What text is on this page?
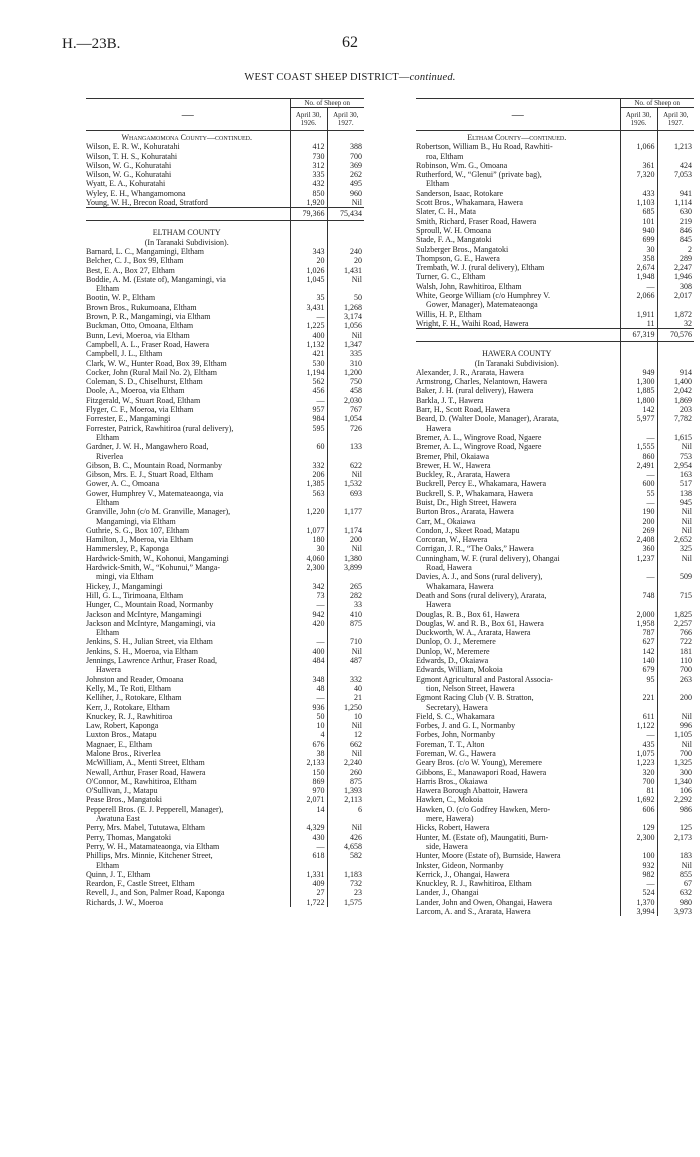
H.—23B.	62
WEST COAST SHEEP DISTRICT—continued.
—	No. of Sheep on	
	April 30, 1926.	April 30, 1927.
Whangamomona County—continued.		
Wilson, E. R. W., Kohuratahi	412	388
Wilson, T. H. S., Kohuratahi	730	700
Wilson, W. G., Kohuratahi	312	369
Wilson, W. G., Kohuratahi	335	262
Wyatt, E. A., Kohuratahi	432	495
Wyley, E. H., Whangamomona	850	960
Young, W. H., Brecon Road, Stratford	1,920	Nil
	79,366	75,434

ELTHAM COUNTY		
(In Taranaki Subdivision).		
Barnard, L. C., Mangamingi, Eltham	343	240
Belcher, C. J., Box 99, Eltham	20	20
Best, E. A., Box 27, Eltham	1,026	1,431
Boddie, A. M. (Estate of), Mangamingi, via	1,045	Nil
Eltham		
Bootin, W. P., Eltham	35	50
Brown Bros., Rukumoana, Eltham	3,431	1,268
Brown, P. R., Mangamingi, via Eltham	—	3,174
Buckman, Otto, Omoana, Eltham	1,225	1,056
Bunn, Levi, Moeroa, via Eltham	400	Nil
Campbell, A. L., Fraser Road, Hawera	1,132	1,347
Campbell, J. L., Eltham	421	335
Clark, W. W., Hunter Road, Box 39, Eltham	530	310
Cocker, John (Rural Mail No. 2), Eltham	1,194	1,200
Coleman, S. D., Chiselhurst, Eltham	562	750
Doole, A., Moeroa, via Eltham	456	458
Fitzgerald, W., Stuart Road, Eltham	—	2,030
Flyger, C. F., Moeroa, via Eltham	957	767
Forrester, E., Mangamingi	984	1,054
Forrester, Patrick, Rawhitiroa (rural delivery),	595	726
Eltham		
Gardner, J. W. H., Mangawhero Road,	60	133
Riverlea		
Gibson, B. C., Mountain Road, Normanby	332	622
Gibson, Mrs. E. J., Stuart Road, Eltham	206	Nil
Gower, A. C., Omoana	1,385	1,532
Gower, Humphrey V., Matemateaonga, via	563	693
Eltham		
Granville, John (c/o M. Granville, Manager),	1,220	1,177
Mangamingi, via Eltham		
Guthrie, S. G., Box 107, Eltham	1,077	1,174
Hamilton, J., Moeroa, via Eltham	180	200
Hammersley, P., Kaponga	30	Nil
Hardwick-Smith, W., Kohonui, Mangamingi	4,060	1,380
Hardwick-Smith, W., “Kohunui,” Manga-	2,300	3,899
mingi, via Eltham		
Hickey, J., Mangamingi	342	265
Hill, G. L., Tirimoana, Eltham	73	282
Hunger, C., Mountain Road, Normanby	—	33
Jackson and McIntyre, Mangamingi	942	410
Jackson and McIntyre, Mangamingi, via	420	875
Eltham		
Jenkins, S. H., Julian Street, via Eltham	—	710
Jenkins, S. H., Moeroa, via Eltham	400	Nil
Jennings, Lawrence Arthur, Fraser Road,	484	487
Hawera		
Johnston and Reader, Omoana	348	332
Kelly, M., Te Roti, Eltham	48	40
Kelliher, J., Rotokare, Eltham	—	21
Kerr, J., Rotokare, Eltham	936	1,250
Knuckey, R. J., Rawhitiroa	50	10
Law, Robert, Kaponga	10	Nil
Luxton Bros., Matapu	4	12
Magnaer, E., Eltham	676	662
Malone Bros., Riverlea	38	Nil
McWilliam, A., Menti Street, Eltham	2,133	2,240
Newall, Arthur, Fraser Road, Hawera	150	260
O'Connor, M., Rawhitiroa, Eltham	869	875
O'Sullivan, J., Matapu	970	1,393
Pease Bros., Mangatoki	2,071	2,113
Pepperell Bros. (E. J. Pepperell, Manager),	14	6
Awatuna East		
Perry, Mrs. Mabel, Tututawa, Eltham	4,329	Nil
Perry, Thomas, Mangatoki	430	426
Perry, W. H., Matamateaonga, via Eltham	—	4,658
Phillips, Mrs. Minnie, Kitchener Street,	618	582
Eltham		
Quinn, J. T., Eltham	1,331	1,183
Reardon, F., Castle Street, Eltham	409	732
Revell, J., and Son, Palmer Road, Kaponga	27	23
Richards, J. W., Moeroa	1,722	1,575
—	No. of Sheep on	
	April 30, 1926.	April 30, 1927.
Eltham County—continued.		
Robertson, William B., Hu Road, Rawhiti-	1,066	1,213
roa, Eltham		
Robinson, Wm. G., Omoana	361	424
Rutherford, W., “Glenui” (private bag),	7,320	7,053
Eltham		
Sanderson, Isaac, Rotokare	433	941
Scott Bros., Whakamara, Hawera	1,103	1,114
Slater, C. H., Mata	685	630
Smith, Richard, Fraser Road, Hawera	101	219
Sproull, W. H. Omoana	940	846
Stade, F. A., Mangatoki	699	845
Sulzberger Bros., Mangatoki	30	2
Thompson, G. E., Hawera	358	289
Trembath, W. J. (rural delivery), Eltham	2,674	2,247
Turner, G. C., Eltham	1,948	1,946
Walsh, John, Rawhitiroa, Eltham	—	308
White, George William (c/o Humphrey V.	2,066	2,017
Gower, Manager), Matemateaonga		
Willis, H. P., Eltham	1,911	1,872
Wright, F. H., Waihi Road, Hawera	11	32
	67,319	70,576

HAWERA COUNTY		
(In Taranaki Subdivision).		
Alexander, J. R., Ararata, Hawera	949	914
Armstrong, Charles, Nelantown, Hawera	1,300	1,400
Baker, J. H. (rural delivery), Hawera	1,885	2,042
Barkla, J. T., Hawera	1,800	1,869
Barr, H., Scott Road, Hawera	142	203
Beard, D. (Walter Doole, Manager), Ararata,	5,977	7,782
Hawera		
Bremer, A. L., Wingrove Road, Ngaere	—	1,615
Bremer, A. L., Wingrove Road, Ngaere	1,555	Nil
Bremer, Phil, Okaiawa	860	753
Brewer, H. W., Hawera	2,491	2,954
Buckley, R., Ararata, Hawera	—	163
Buckrell, Percy E., Whakamara, Hawera	600	517
Buckrell, S. P., Whakamara, Hawera	55	138
Buist, Dr., High Street, Hawera	—	945
Burton Bros., Ararata, Hawera	190	Nil
Carr, M., Okaiawa	200	Nil
Condon, J., Skeet Road, Matapu	269	Nil
Corcoran, W., Hawera	2,408	2,652
Corrigan, J. R., “The Oaks,” Hawera	360	325
Cunningham, W. F. (rural delivery), Ohangai	1,237	Nil
Road, Hawera		
Davies, A. J., and Sons (rural delivery),	—	509
Whakamara, Hawera		
Death and Sons (rural delivery), Ararata,	748	715
Hawera		
Douglas, R. B., Box 61, Hawera	2,000	1,825
Douglas, W. and R. B., Box 61, Hawera	1,958	2,257
Duckworth, W. A., Ararata, Hawera	787	766
Dunlop, O. J., Meremere	627	722
Dunlop, W., Meremere	142	181
Edwards, D., Okaiawa	140	110
Edwards, William, Mokoia	679	700
Egmont Agricultural and Pastoral Associa-	95	263
tion, Nelson Street, Hawera		
Egmont Racing Club (V. B. Stratton,	221	200
Secretary), Hawera		
Field, S. C., Whakamara	611	Nil
Forbes, J. and G. I., Normanby	1,122	996
Forbes, John, Normanby	—	1,105
Foreman, T. T., Alton	435	Nil
Foreman, W. G., Hawera	1,075	700
Geary Bros. (c/o W. Young), Meremere	1,223	1,325
Gibbons, E., Manawapori Road, Hawera	320	300
Harris Bros., Okaiawa	700	1,340
Hawera Borough Abattoir, Hawera	81	106
Hawken, C., Mokoia	1,692	2,292
Hawken, O. (c/o Godfrey Hawken, Mero-	606	986
mere, Hawera)		
Hicks, Robert, Hawera	129	125
Hunter, M. (Estate of), Maungatiti, Burn-	2,300	2,173
side, Hawera		
Hunter, Moore (Estate of), Burnside, Hawera	100	183
Inkster, Gideon, Normanby	932	Nil
Kerrick, J., Ohangai, Hawera	982	855
Knuckley, R. J., Rawhitiroa, Eltham	—	67
Lander, J., Ohangai	524	632
Lander, John and Owen, Ohangai, Hawera	1,370	980
Larcom, A. and S., Ararata, Hawera	3,994	3,973
